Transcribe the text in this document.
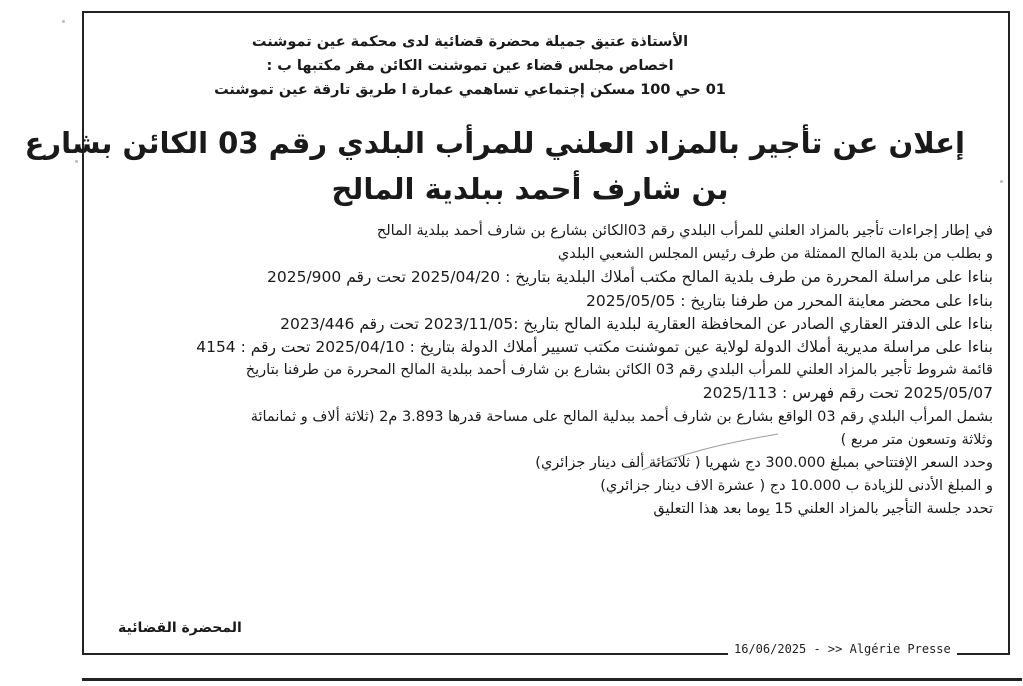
الأستاذة عتيق جميلة محضرة قضائية لدى محكمة عين تموشنت
اخصاص مجلس قضاء عين تموشنت الكائن مقر مكتبها ب :
01 حي 100 مسكن إجتماعي تساهمي عمارة ا طريق تارقة عين تموشنت
إعلان عن تأجير بالمزاد العلني للمرأب البلدي رقم 03 الكائن بشارع
بن شارف أحمد ببلدية المالح
في إطار إجراءات تأجير بالمزاد العلني للمرأب البلدي رقم 03الكائن بشارع بن شارف أحمد ببلدية المالح
و بطلب من بلدية المالح الممثلة من طرف رئيس المجلس الشعبي البلدي
بناءا على مراسلة المحررة من طرف بلدية المالح مكتب أملاك البلدية بتاريخ : 2025/04/20 تحت رقم 2025/900
بناءا على محضر معاينة المحرر من طرفنا بتاريخ : 2025/05/05
بناءا على الدفتر العقاري الصادر عن المحافظة العقارية لبلدية المالح بتاريخ :2023/11/05 تحت رقم 2023/446
بناءا على مراسلة مديرية أملاك الدولة لولاية عين تموشنت مكتب تسيير أملاك الدولة بتاريخ : 2025/04/10 تحت رقم : 4154
قائمة شروط تأجير بالمزاد العلني للمرأب البلدي رقم 03 الكائن بشارع بن شارف أحمد ببلدية المالح المحررة من طرفنا بتاريخ
2025/05/07 تحت رقم فهرس : 2025/113
بشمل المرأب البلدي رقم 03 الواقع بشارع بن شارف أحمد ببدلية المالح على مساحة قدرها 3.893 م2 (ثلاثة ألاف و ثمانمائة
وثلاثة وتسعون متر مربع )
وحدد السعر الإفتتاحي بمبلغ 300.000 دج شهريا ( ثلاثمائة ألف دينار جزائري)
و المبلغ الأدنى للزيادة ب 10.000 دج ( عشرة الاف دينار جزائري)
تحدد جلسة التأجير بالمزاد العلني 15 يوما بعد هذا التعليق
المحضرة القضائية
16/06/2025 - >> Algérie Presse
